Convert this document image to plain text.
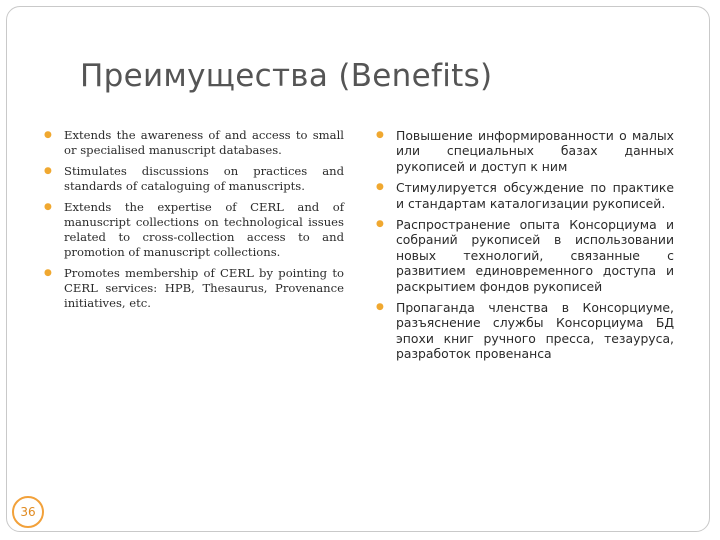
Преимущества (Benefits)
● Extends the awareness of and access to small or specialised manuscript databases.
● Stimulates discussions on practices and standards of cataloguing of manuscripts.
● Extends the expertise of CERL and of manuscript collections on technological issues related to cross-collection access to and promotion of manuscript collections.
● Promotes membership of CERL by pointing to CERL services: HPB, Thesaurus, Provenance initiatives, etc.
● Повышение информированности о малых или специальных базах данных рукописей и доступ к ним
● Стимулируется обсуждение по практике и стандартам каталогизации рукописей.
● Распространение опыта Консорциума и собраний рукописей в использовании новых технологий, связанные с развитием единовременного доступа и раскрытием фондов рукописей
● Пропаганда членства в Консорциуме, разъяснение службы Консорциума БД эпохи книг ручного пресса, тезауруса, разработок провенанса
36
